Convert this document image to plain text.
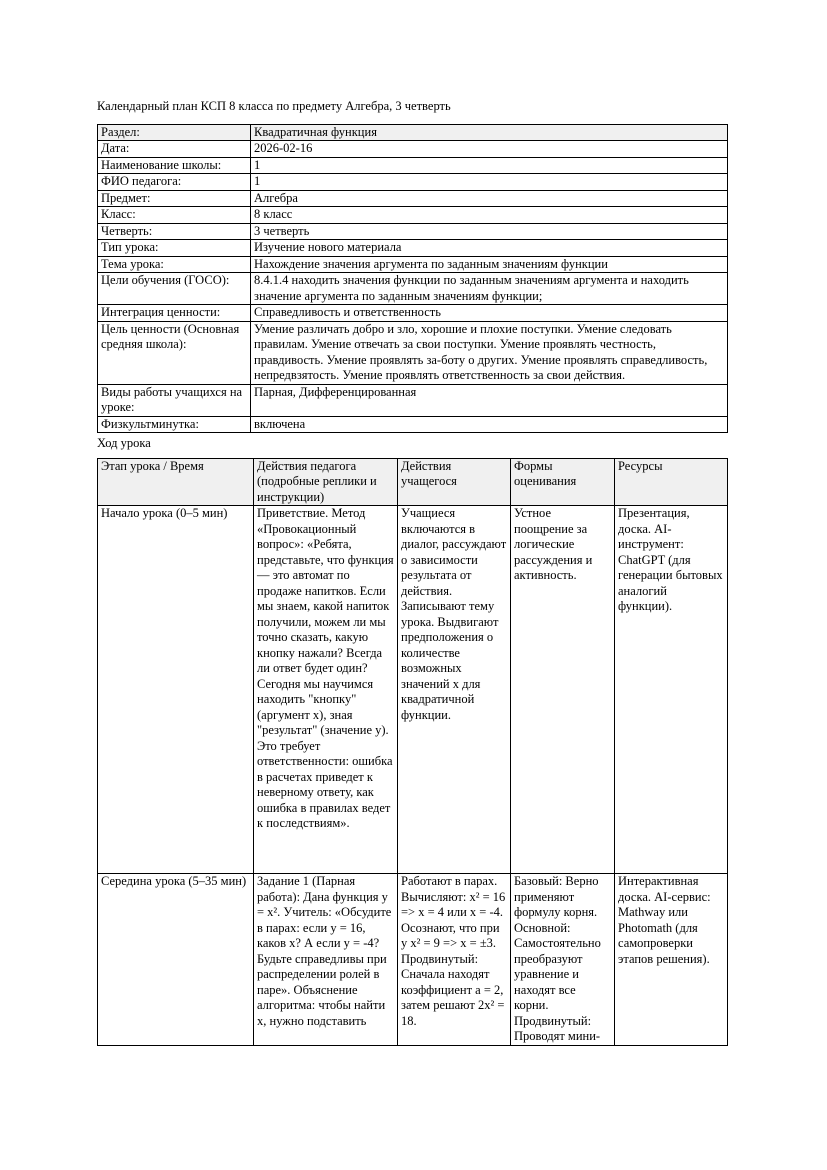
Календарный план КСП 8 класса по предмету Алгебра, 3 четверть

Раздел:	Квадратичная функция
Дата:	2026-02-16
Наименование школы:	1
ФИО педагога:	1
Предмет:	Алгебра
Класс:	8 класс
Четверть:	3 четверть
Тип урока:	Изучение нового материала
Тема урока:	Нахождение значения аргумента по заданным значениям функции
Цели обучения (ГОСО):	8.4.1.4 находить значения функции по заданным значениям аргумента и находить значение аргумента по заданным значениям функции;
Интеграция ценности:	Справедливость и ответственность
Цель ценности (Основная средняя школа):	Умение различать добро и зло, хорошие и плохие поступки. Умение следовать правилам. Умение отвечать за свои поступки. Умение проявлять честность, правдивость. Умение проявлять за-боту о других. Умение проявлять справедливость, непредвзятость. Умение проявлять ответственность за свои действия.
Виды работы учащихся на уроке:	Парная, Дифференцированная
Физкультминутка:	включена

Ход урока

Этап урока / Время	Действия педагога (подробные реплики и инструкции)	Действия учащегося	Формы оценивания	Ресурсы

Начало урока (0–5 мин)	Приветствие. Метод «Провокационный вопрос»: «Ребята, представьте, что функция — это автомат по продаже напитков. Если мы знаем, какой напиток получили, можем ли мы точно сказать, какую кнопку нажали? Всегда ли ответ будет один? Сегодня мы научимся находить "кнопку" (аргумент x), зная "результат" (значение y). Это требует ответственности: ошибка в расчетах приведет к неверному ответу, как ошибка в правилах ведет к последствиям».	Учащиеся включаются в диалог, рассуждают о зависимости результата от действия. Записывают тему урока. Выдвигают предположения о количестве возможных значений x для квадратичной функции.	Устное поощрение за логические рассуждения и активность.	Презентация, доска. AI-инструмент: ChatGPT (для генерации бытовых аналогий функции).

Середина урока (5–35 мин)	Задание 1 (Парная работа): Дана функция y = x². Учитель: «Обсудите в парах: если y = 16, каков x? А если y = -4? Будьте справедливы при распределении ролей в паре». Объяснение алгоритма: чтобы найти x, нужно подставить	Работают в парах. Вычисляют: x² = 16 => x = 4 или x = -4. Осознают, что при y x² = 9 => x = ±3. Продвинутый: Сначала находят коэффициент a = 2, затем решают 2x² = 18.	Базовый: Верно применяют формулу корня. Основной: Самостоятельно преобразуют уравнение и находят все корни. Продвинутый: Проводят мини-	Интерактивная доска. AI-сервис: Mathway или Photomath (для самопроверки этапов решения).
